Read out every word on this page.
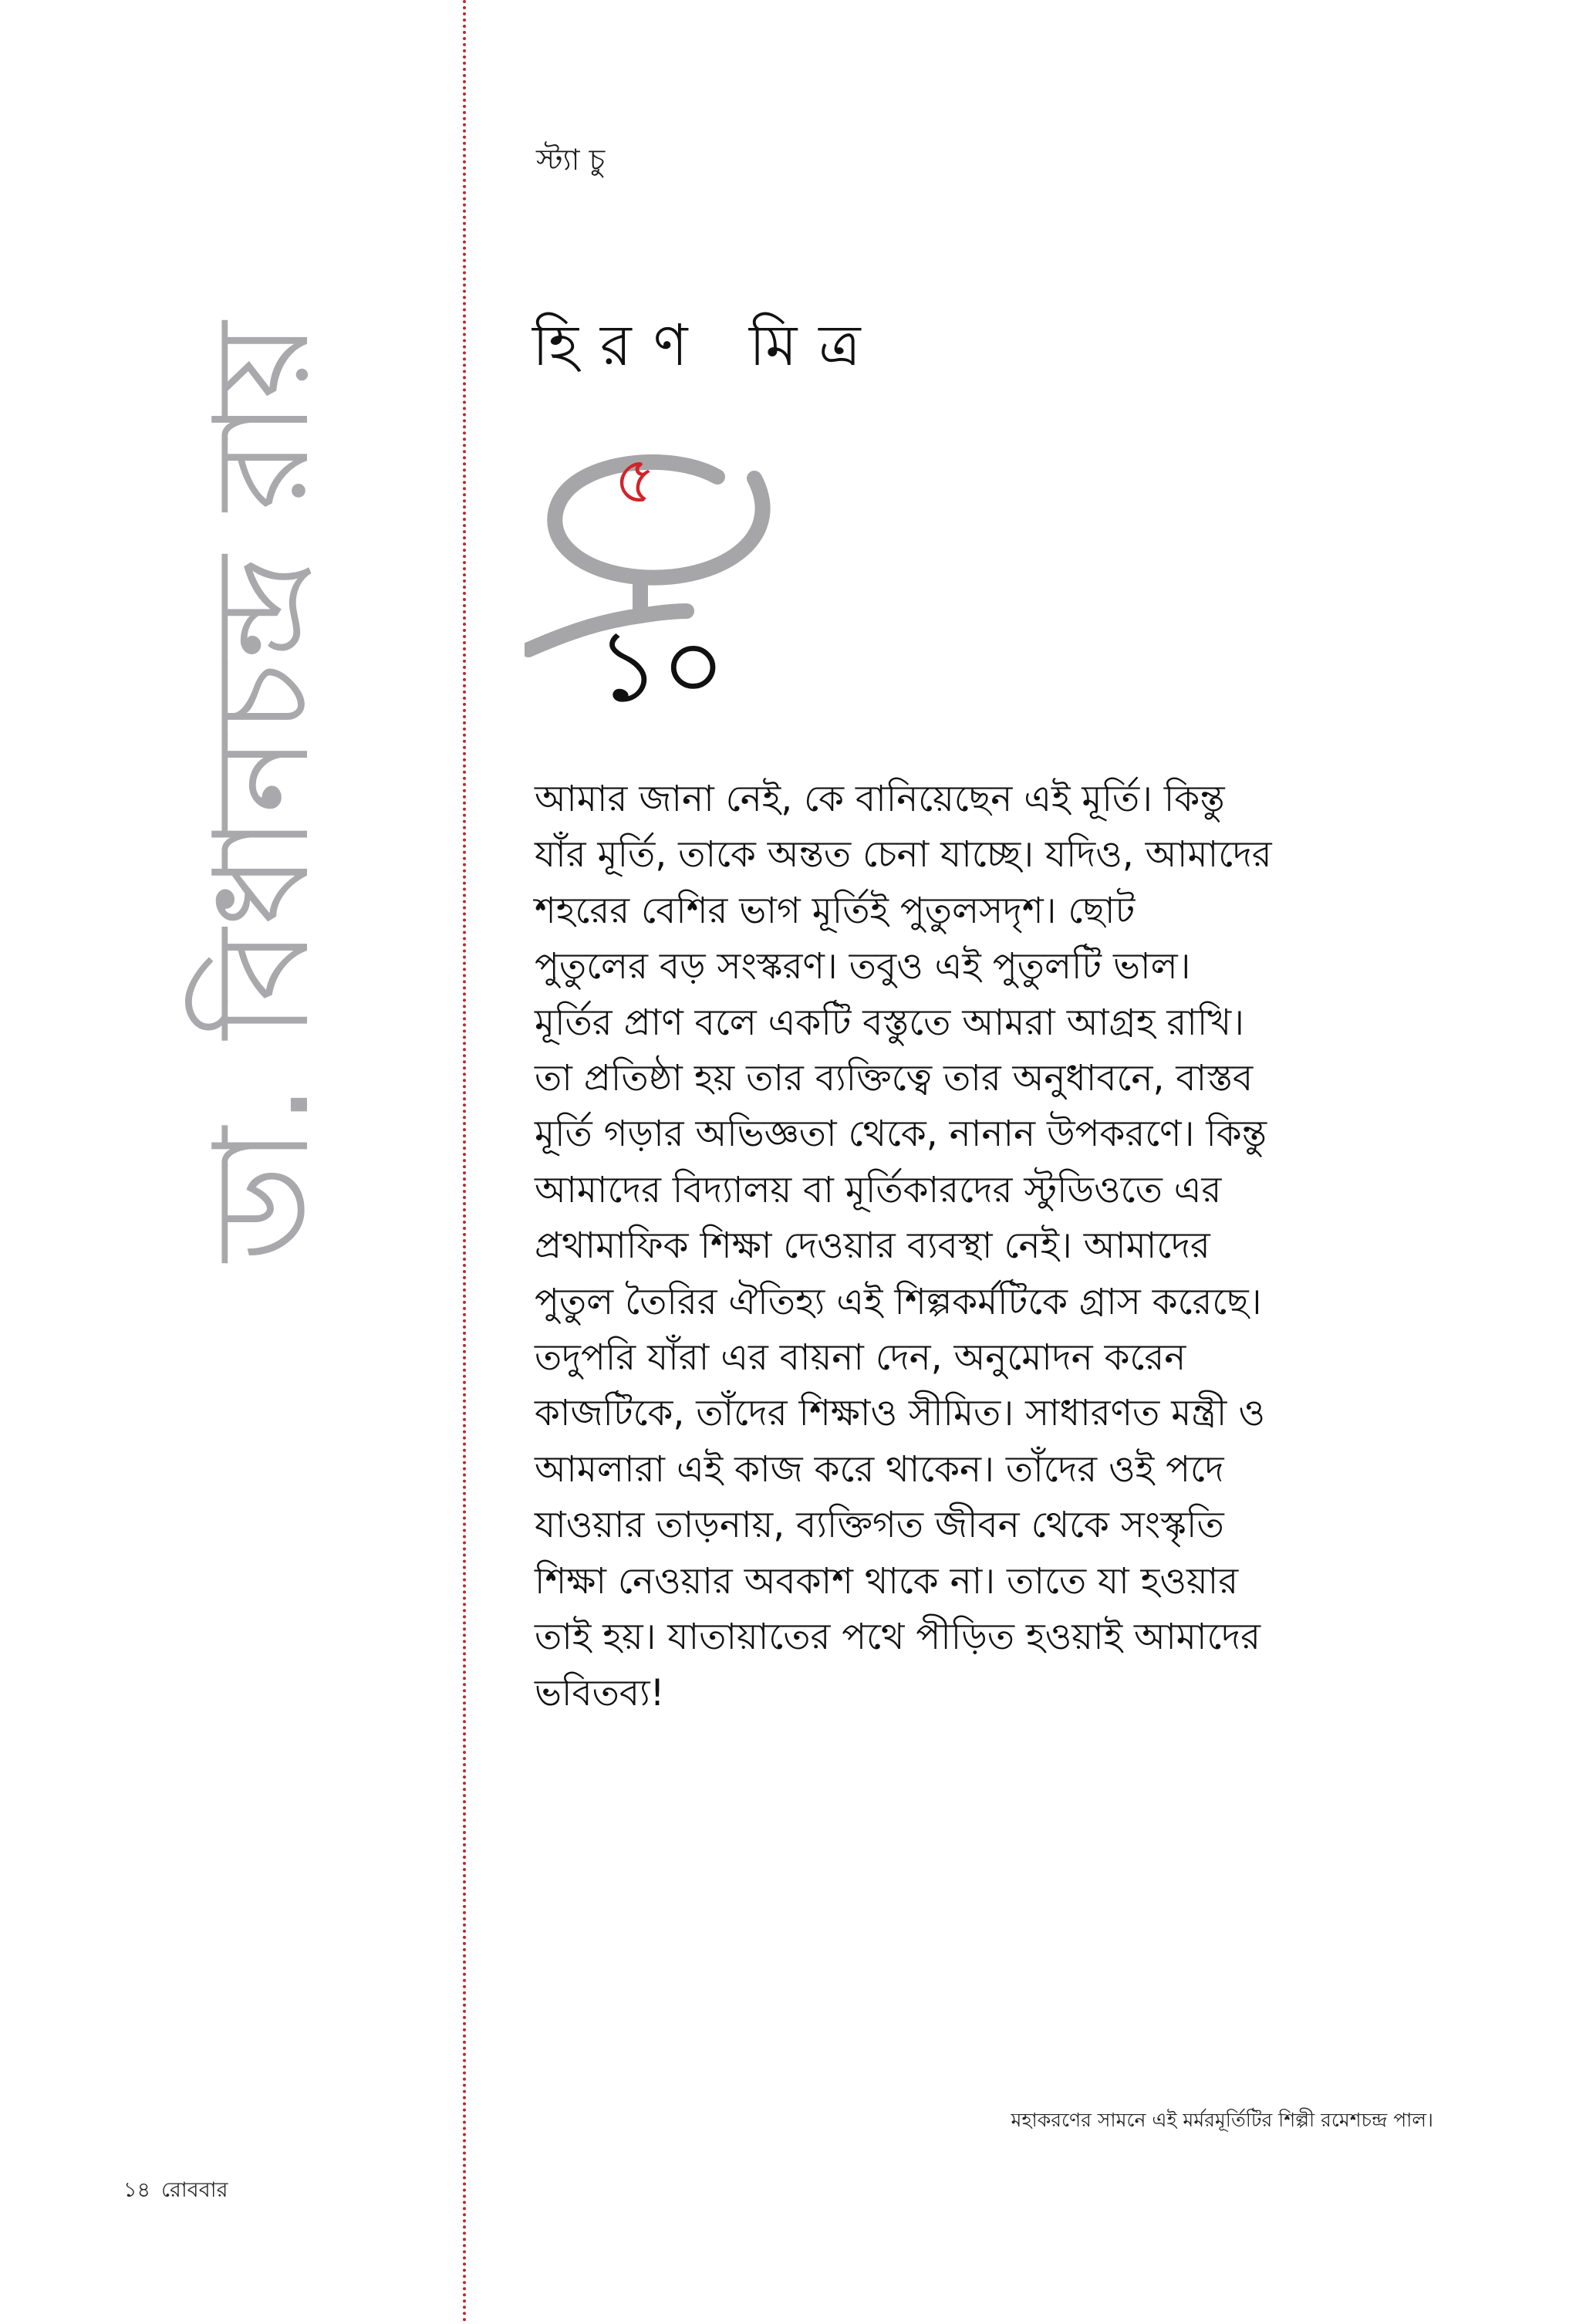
ডা. বিধানচন্দ্র রায়
স্ট্যা চু
হিরণ মিত্র
৫
১০

আমার জানা নেই, কে বানিয়েছেন এই মূর্তি। কিন্তু

যাঁর মূর্তি, তাকে অন্তত চেনা যাচ্ছে। যদিও, আমাদের

শহরের বেশির ভাগ মূর্তিই পুতুলসদৃশ। ছোট

পুতুলের বড় সংস্করণ। তবুও এই পুতুলটি ভাল।

মূর্তির প্রাণ বলে একটি বস্তুতে আমরা আগ্রহ রাখি।

তা প্রতিষ্ঠা হয় তার ব্যক্তিত্বে তার অনুধাবনে, বাস্তব

মূর্তি গড়ার অভিজ্ঞতা থেকে, নানান উপকরণে। কিন্তু

আমাদের বিদ্যালয় বা মূর্তিকারদের স্টুডিওতে এর

প্রথামাফিক শিক্ষা দেওয়ার ব্যবস্থা নেই। আমাদের

পুতুল তৈরির ঐতিহ্য এই শিল্পকর্মটিকে গ্রাস করেছে।

তদুপরি যাঁরা এর বায়না দেন, অনুমোদন করেন

কাজটিকে, তাঁদের শিক্ষাও সীমিত। সাধারণত মন্ত্রী ও

আমলারা এই কাজ করে থাকেন। তাঁদের ওই পদে

যাওয়ার তাড়নায়, ব্যক্তিগত জীবন থেকে সংস্কৃতি

শিক্ষা নেওয়ার অবকাশ থাকে না। তাতে যা হওয়ার

তাই হয়। যাতায়াতের পথে পীড়িত হওয়াই আমাদের

ভবিতব্য!

মহাকরণের সামনে এই মর্মরমূর্তিটির শিল্পী রমেশচন্দ্র পাল।
১৪ রোববার
